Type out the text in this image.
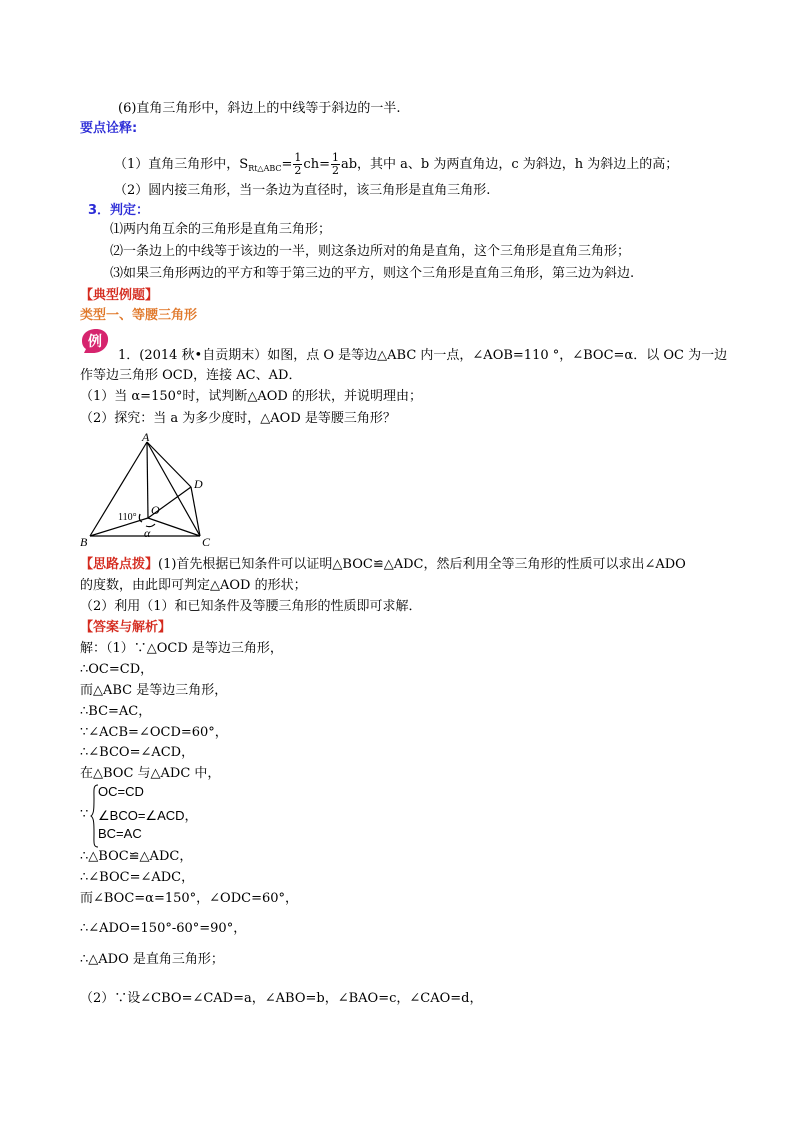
(6)直角三角形中，斜边上的中线等于斜边的一半.
要点诠释:
（1）直角三角形中，$S_{Rt\triangle ABC}= \frac{1}{2} ch= \frac{1}{2}$ ab，其中 a、b 为两直角边，c 为斜边，h 为斜边上的高；
（2）圆内接三角形，当一条边为直径时，该三角形是直角三角形.
3．判定：
⑴两内角互余的三角形是直角三角形；
⑵一条边上的中线等于该边的一半，则这条边所对的角是直角，这个三角形是直角三角形；
⑶如果三角形两边的平方和等于第三边的平方，则这个三角形是直角三角形，第三边为斜边.
【典型例题】
类型一、等腰三角形
例
1．(2014 秋•自贡期末）如图，点 O 是等边△ABC 内一点，∠AOB=110 °，∠BOC=α．以 OC 为一边
作等边三角形 OCD，连接 AC、AD．
（1）当 α=150°时，试判断△AOD 的形状，并说明理由；
（2）探究：当 a 为多少度时，△AOD 是等腰三角形？
A
D
O
110°
α
B	C
【思路点拨】(1)首先根据已知条件可以证明△BOC≌△ADC，然后利用全等三角形的性质可以求出∠ADO
的度数，由此即可判定△AOD 的形状；
（2）利用（1）和已知条件及等腰三角形的性质即可求解．
【答案与解析】
解：（1）∵△OCD 是等边三角形，
∴OC=CD，
而△ABC 是等边三角形，
∴BC=AC，
∵∠ACB=∠OCD=60°，
∴∠BCO=∠ACD，
在△BOC 与△ADC 中，
∵
OC=CD
∠BCO=∠ACD，
BC=AC
∴△BOC≌△ADC，
∴∠BOC=∠ADC，
而∠BOC=α=150°，∠ODC=60°，
∴∠ADO=150°-60°=90°，
∴△ADO 是直角三角形；
（2）∵设∠CBO=∠CAD=a，∠ABO=b，∠BAO=c，∠CAO=d，
